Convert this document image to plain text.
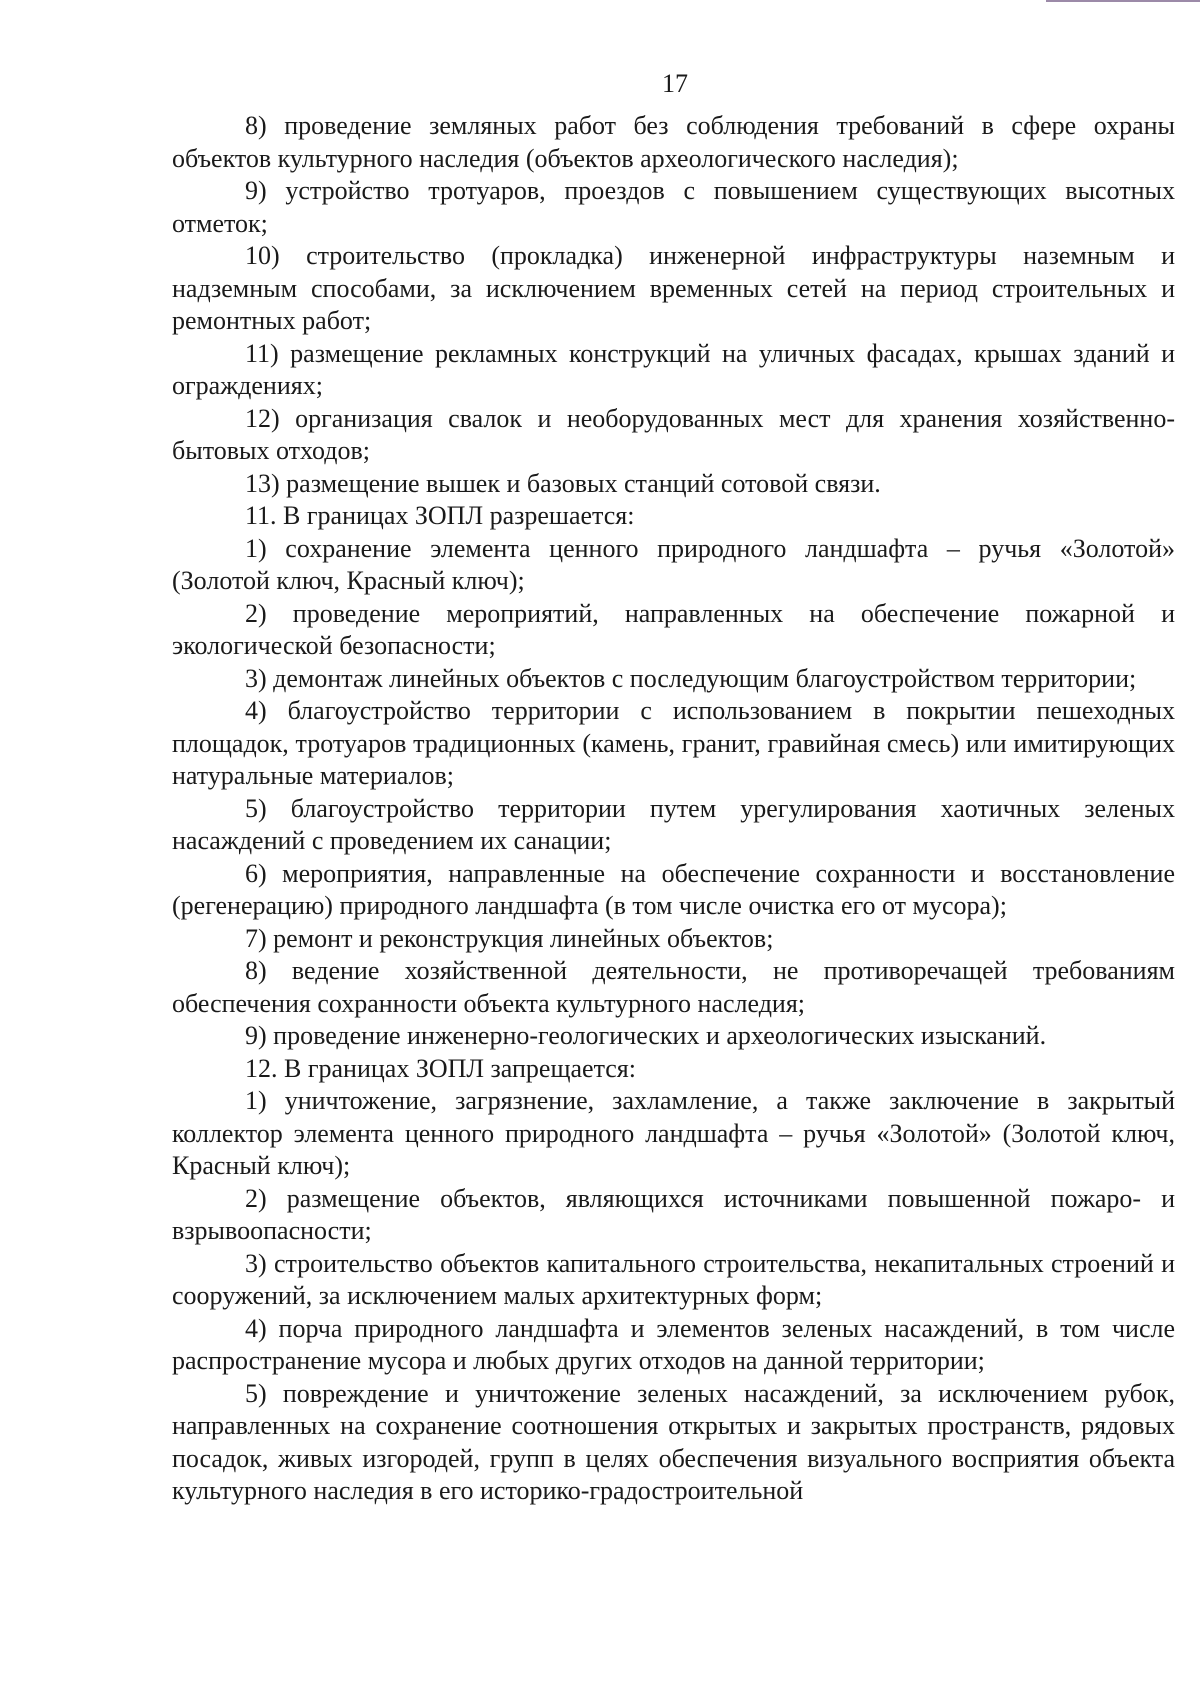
17

8) проведение земляных работ без соблюдения требований в сфере охраны объектов культурного наследия (объектов археологического наследия);

9) устройство тротуаров, проездов с повышением существующих высотных отметок;

10) строительство (прокладка) инженерной инфраструктуры наземным и надземным способами, за исключением временных сетей на период строительных и ремонтных работ;

11) размещение рекламных конструкций на уличных фасадах, крышах зданий и ограждениях;

12) организация свалок и необорудованных мест для хранения хозяйственно-бытовых отходов;

13) размещение вышек и базовых станций сотовой связи.

11. В границах ЗОПЛ разрешается:

1) сохранение элемента ценного природного ландшафта – ручья «Золотой» (Золотой ключ, Красный ключ);

2) проведение мероприятий, направленных на обеспечение пожарной и экологической безопасности;

3) демонтаж линейных объектов с последующим благоустройством территории;

4) благоустройство территории с использованием в покрытии пешеходных площадок, тротуаров традиционных (камень, гранит, гравийная смесь) или имитирующих натуральные материалов;

5) благоустройство территории путем урегулирования хаотичных зеленых насаждений с проведением их санации;

6) мероприятия, направленные на обеспечение сохранности и восстановление (регенерацию) природного ландшафта (в том числе очистка его от мусора);

7) ремонт и реконструкция линейных объектов;

8) ведение хозяйственной деятельности, не противоречащей требованиям обеспечения сохранности объекта культурного наследия;

9) проведение инженерно-геологических и археологических изысканий.

12. В границах ЗОПЛ запрещается:

1) уничтожение, загрязнение, захламление, а также заключение в закрытый коллектор элемента ценного природного ландшафта – ручья «Золотой» (Золотой ключ, Красный ключ);

2) размещение объектов, являющихся источниками повышенной пожаро- и взрывоопасности;

3) строительство объектов капитального строительства, некапитальных строений и сооружений, за исключением малых архитектурных форм;

4) порча природного ландшафта и элементов зеленых насаждений, в том числе распространение мусора и любых других отходов на данной территории;

5) повреждение и уничтожение зеленых насаждений, за исключением рубок, направленных на сохранение соотношения открытых и закрытых пространств, рядовых посадок, живых изгородей, групп в целях обеспечения визуального восприятия объекта культурного наследия в его историко-градостроительной
